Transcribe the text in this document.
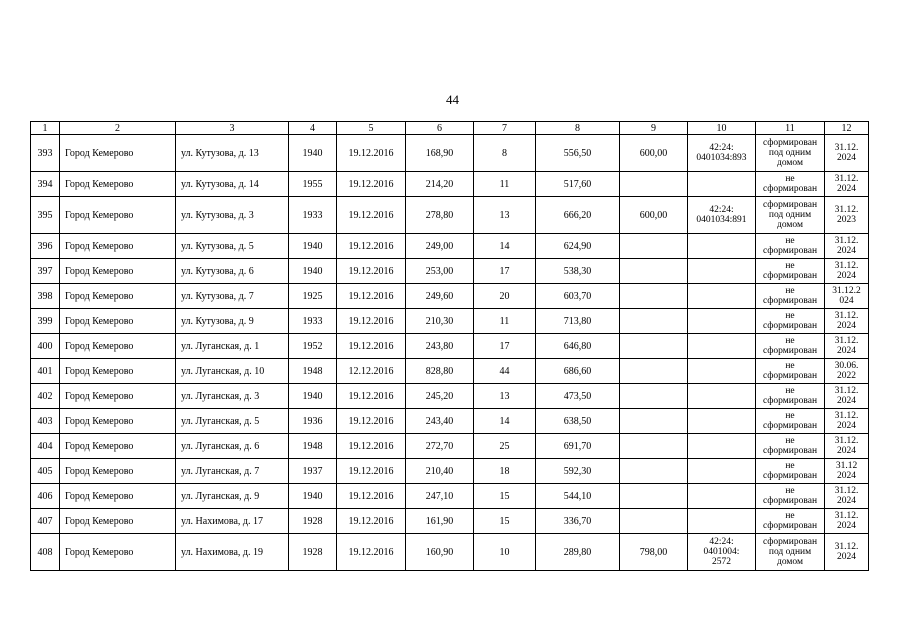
44
1	2	3	4	5	6	7	8	9	10	11	12
393	Город Кемерово	ул. Кутузова, д. 13	1940	19.12.2016	168,90	8	556,50	600,00	42:24:
0401034:893	сформирован
под одним
домом	31.12.
2024
394	Город Кемерово	ул. Кутузова, д. 14	1955	19.12.2016	214,20	11	517,60			не
сформирован	31.12.
2024
395	Город Кемерово	ул. Кутузова, д. 3	1933	19.12.2016	278,80	13	666,20	600,00	42:24:
0401034:891	сформирован
под одним
домом	31.12.
2023
396	Город Кемерово	ул. Кутузова, д. 5	1940	19.12.2016	249,00	14	624,90			не
сформирован	31.12.
2024
397	Город Кемерово	ул. Кутузова, д. 6	1940	19.12.2016	253,00	17	538,30			не
сформирован	31.12.
2024
398	Город Кемерово	ул. Кутузова, д. 7	1925	19.12.2016	249,60	20	603,70			не
сформирован	31.12.2
024
399	Город Кемерово	ул. Кутузова, д. 9	1933	19.12.2016	210,30	11	713,80			не
сформирован	31.12.
2024
400	Город Кемерово	ул. Луганская, д. 1	1952	19.12.2016	243,80	17	646,80			не
сформирован	31.12.
2024
401	Город Кемерово	ул. Луганская, д. 10	1948	12.12.2016	828,80	44	686,60			не
сформирован	30.06.
2022
402	Город Кемерово	ул. Луганская, д. 3	1940	19.12.2016	245,20	13	473,50			не
сформирован	31.12.
2024
403	Город Кемерово	ул. Луганская, д. 5	1936	19.12.2016	243,40	14	638,50			не
сформирован	31.12.
2024
404	Город Кемерово	ул. Луганская, д. 6	1948	19.12.2016	272,70	25	691,70			не
сформирован	31.12.
2024
405	Город Кемерово	ул. Луганская, д. 7	1937	19.12.2016	210,40	18	592,30			не
сформирован	31.12
2024
406	Город Кемерово	ул. Луганская, д. 9	1940	19.12.2016	247,10	15	544,10			не
сформирован	31.12.
2024
407	Город Кемерово	ул. Нахимова, д. 17	1928	19.12.2016	161,90	15	336,70			не
сформирован	31.12.
2024
408	Город Кемерово	ул. Нахимова, д. 19	1928	19.12.2016	160,90	10	289,80	798,00	42:24:
0401004:
2572	сформирован
под одним
домом	31.12.
2024
